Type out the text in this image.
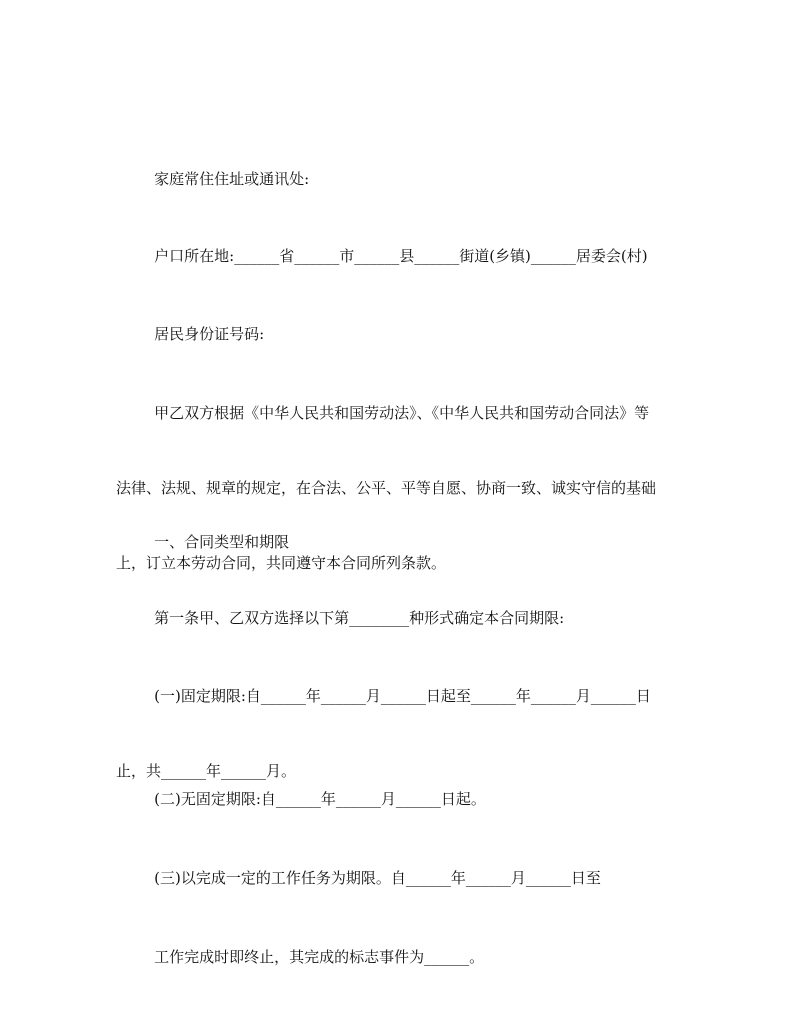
家庭常住住址或通讯处:

户口所在地:______省______市______县______街道(乡镇)______居委会(村)

居民身份证号码:

甲乙双方根据《中华人民共和国劳动法》、《中华人民共和国劳动合同法》等

法律、法规、规章的规定，在合法、公平、平等自愿、协商一致、诚实守信的基础

上，订立本劳动合同，共同遵守本合同所列条款。

一、合同类型和期限

第一条甲、乙双方选择以下第________种形式确定本合同期限:

(一)固定期限:自______年______月______日起至______年______月______日

止，共______年______月。

(二)无固定期限:自______年______月______日起。

(三)以完成一定的工作任务为期限。自______年______月______日至

工作完成时即终止，其完成的标志事件为______。
